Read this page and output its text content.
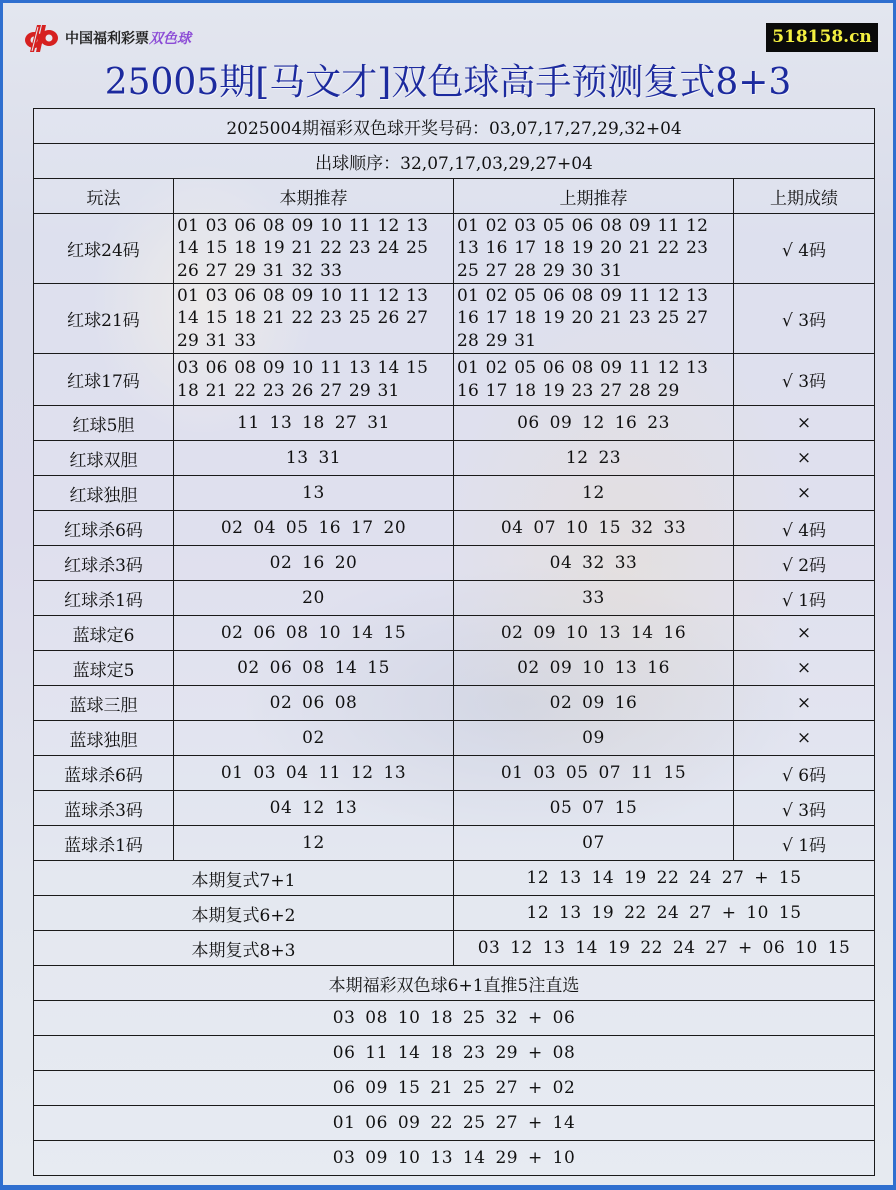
中国福利彩票双色球	518158.cn
25005期[马文才]双色球高手预测复式8+3
2025004期福彩双色球开奖号码：03,07,17,27,29,32+04			
出球顺序：32,07,17,03,29,27+04			
玩法	本期推荐	上期推荐	上期成绩
红球24码	01 03 06 08 09 10 11 12 13 14 15 18 19 21 22 23 24 25 26 27 29 31 32 33	01 02 03 05 06 08 09 11 12 13 16 17 18 19 20 21 22 23 25 27 28 29 30 31	√ 4码
红球21码	01 03 06 08 09 10 11 12 13 14 15 18 21 22 23 25 26 27 29 31 33	01 02 05 06 08 09 11 12 13 16 17 18 19 20 21 23 25 27 28 29 31	√ 3码
红球17码	03 06 08 09 10 11 13 14 15 18 21 22 23 26 27 29 31	01 02 05 06 08 09 11 12 13 16 17 18 19 23 27 28 29	√ 3码
红球5胆	11 13 18 27 31	06 09 12 16 23	×
红球双胆	13 31	12 23	×
红球独胆	13	12	×
红球杀6码	02 04 05 16 17 20	04 07 10 15 32 33	√ 4码
红球杀3码	02 16 20	04 32 33	√ 2码
红球杀1码	20	33	√ 1码
蓝球定6	02 06 08 10 14 15	02 09 10 13 14 16	×
蓝球定5	02 06 08 14 15	02 09 10 13 16	×
蓝球三胆	02 06 08	02 09 16	×
蓝球独胆	02	09	×
蓝球杀6码	01 03 04 11 12 13	01 03 05 07 11 15	√ 6码
蓝球杀3码	04 12 13	05 07 15	√ 3码
蓝球杀1码	12	07	√ 1码
本期复式7+1		12 13 14 19 22 24 27 + 15	
本期复式6+2		12 13 19 22 24 27 + 10 15	
本期复式8+3		03 12 13 14 19 22 24 27 + 06 10 15	
本期福彩双色球6+1直推5注直选			
03 08 10 18 25 32 + 06			
06 11 14 18 23 29 + 08			
06 09 15 21 25 27 + 02			
01 06 09 22 25 27 + 14			
03 09 10 13 14 29 + 10			
